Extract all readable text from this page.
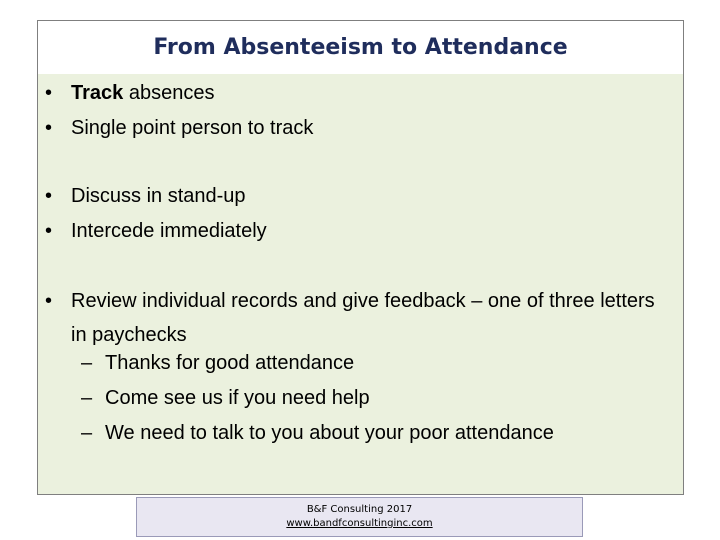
From Absenteeism to Attendance
• Track absences
• Single point person to track
• Discuss in stand-up
• Intercede immediately
• Review individual records and give feedback – one of three letters in paychecks
– Thanks for good attendance
– Come see us if you need help
– We need to talk to you about your poor attendance
B&F Consulting 2017
www.bandfconsultinginc.com
